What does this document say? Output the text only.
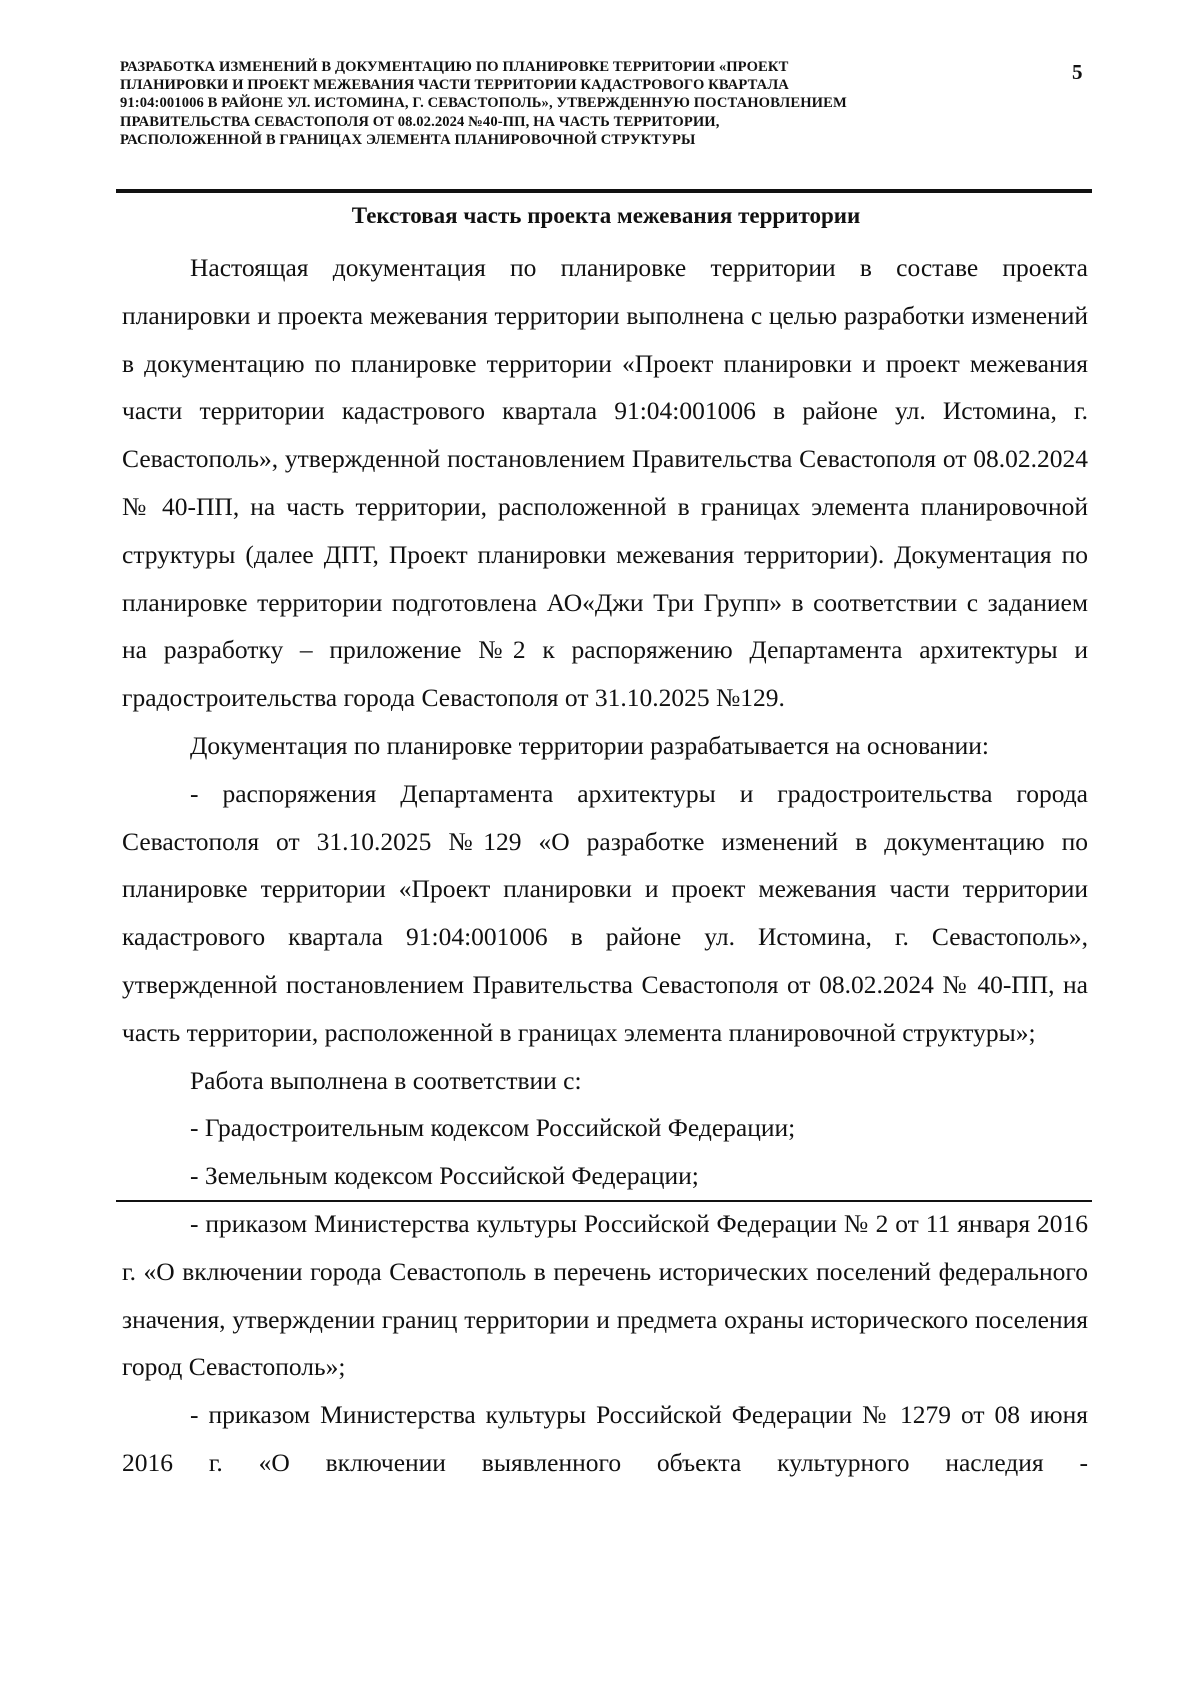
РАЗРАБОТКА ИЗМЕНЕНИЙ В ДОКУМЕНТАЦИЮ ПО ПЛАНИРОВКЕ ТЕРРИТОРИИ «ПРОЕКТ
ПЛАНИРОВКИ И ПРОЕКТ МЕЖЕВАНИЯ ЧАСТИ ТЕРРИТОРИИ КАДАСТРОВОГО КВАРТАЛА
91:04:001006 В РАЙОНЕ УЛ. ИСТОМИНА, Г. СЕВАСТОПОЛЬ», УТВЕРЖДЕННУЮ ПОСТАНОВЛЕНИЕМ
ПРАВИТЕЛЬСТВА СЕВАСТОПОЛЯ ОТ 08.02.2024 №40-ПП, НА ЧАСТЬ ТЕРРИТОРИИ,
РАСПОЛОЖЕННОЙ В ГРАНИЦАХ ЭЛЕМЕНТА ПЛАНИРОВОЧНОЙ СТРУКТУРЫ
5
Текстовая часть проекта межевания территории

Настоящая документация по планировке территории в составе проекта планировки и проекта межевания территории выполнена с целью разработки изменений в документацию по планировке территории «Проект планировки и проект межевания части территории кадастрового квартала 91:04:001006 в районе ул. Истомина, г. Севастополь», утвержденной постановлением Правительства Севастополя от 08.02.2024 № 40-ПП, на часть территории, расположенной в границах элемента планировочной структуры (далее ДПТ, Проект планировки межевания территории). Документация по планировке территории подготовлена АО«Джи Три Групп» в соответствии с заданием на разработку – приложение №2 к распоряжению Департамента архитектуры и градостроительства города Севастополя от 31.10.2025 №129.

Документация по планировке территории разрабатывается на основании:

- распоряжения Департамента архитектуры и градостроительства города Севастополя от 31.10.2025 №129 «О разработке изменений в документацию по планировке территории «Проект планировки и проект межевания части территории кадастрового квартала 91:04:001006 в районе ул. Истомина, г. Севастополь», утвержденной постановлением Правительства Севастополя от 08.02.2024 № 40-ПП, на часть территории, расположенной в границах элемента планировочной структуры»;

Работа выполнена в соответствии с:

- Градостроительным кодексом Российской Федерации;

- Земельным кодексом Российской Федерации;

- приказом Министерства культуры Российской Федерации № 2 от 11 января 2016 г. «О включении города Севастополь в перечень исторических поселений федерального значения, утверждении границ территории и предмета охраны исторического поселения город Севастополь»;

- приказом Министерства культуры Российской Федерации № 1279 от 08 июня 2016 г. «О включении выявленного объекта культурного наследия -
